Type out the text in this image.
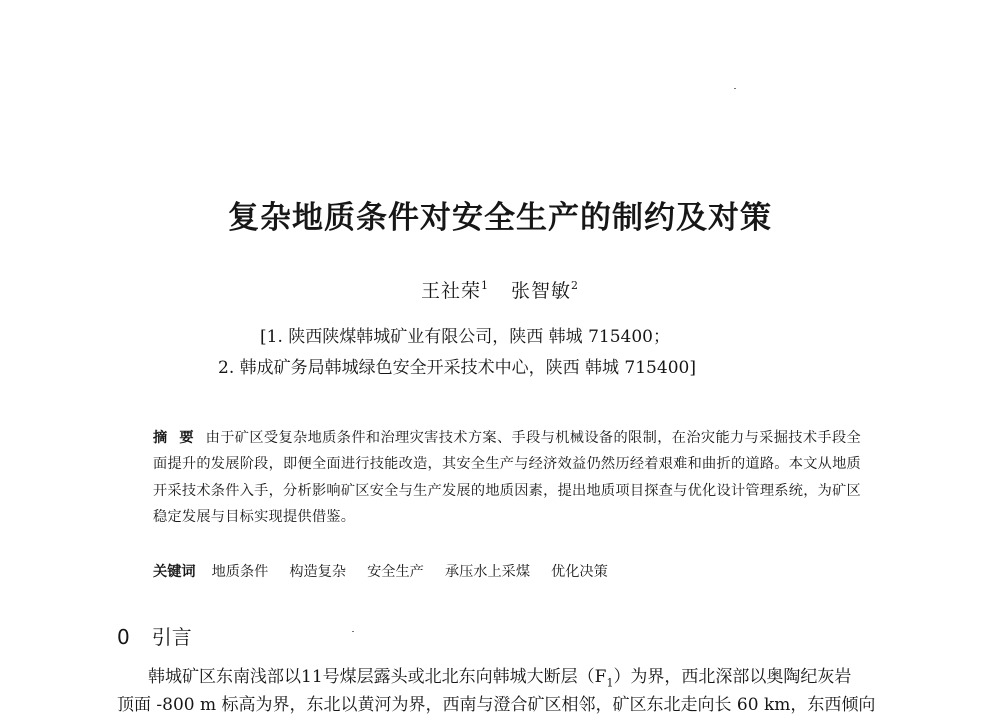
复杂地质条件对安全生产的制约及对策
王社荣$^1$ 张智敏$^2$
[1. 陕西陕煤韩城矿业有限公司，陕西 韩城 715400；
2. 韩成矿务局韩城绿色安全开采技术中心，陕西 韩城 715400]
摘 要 由于矿区受复杂地质条件和治理灾害技术方案、手段与机械设备的限制，在治灾能力与采掘技术手段全面提升的发展阶段，即便全面进行技能改造，其安全生产与经济效益仍然历经着艰难和曲折的道路。本文从地质开采技术条件入手，分析影响矿区安全与生产发展的地质因素，提出地质项目探查与优化设计管理系统，为矿区稳定发展与目标实现提供借鉴。
关键词 地质条件 构造复杂 安全生产 承压水上采煤 优化决策
0 引言
韩城矿区东南浅部以11号煤层露头或北北东向韩城大断层$(F_1)$为界，西北深部以奥陶纪灰岩
顶面 -800 m 标高为界，东北以黄河为界，西南与澄合矿区相邻，矿区东北走向长 60 km，东西倾向
